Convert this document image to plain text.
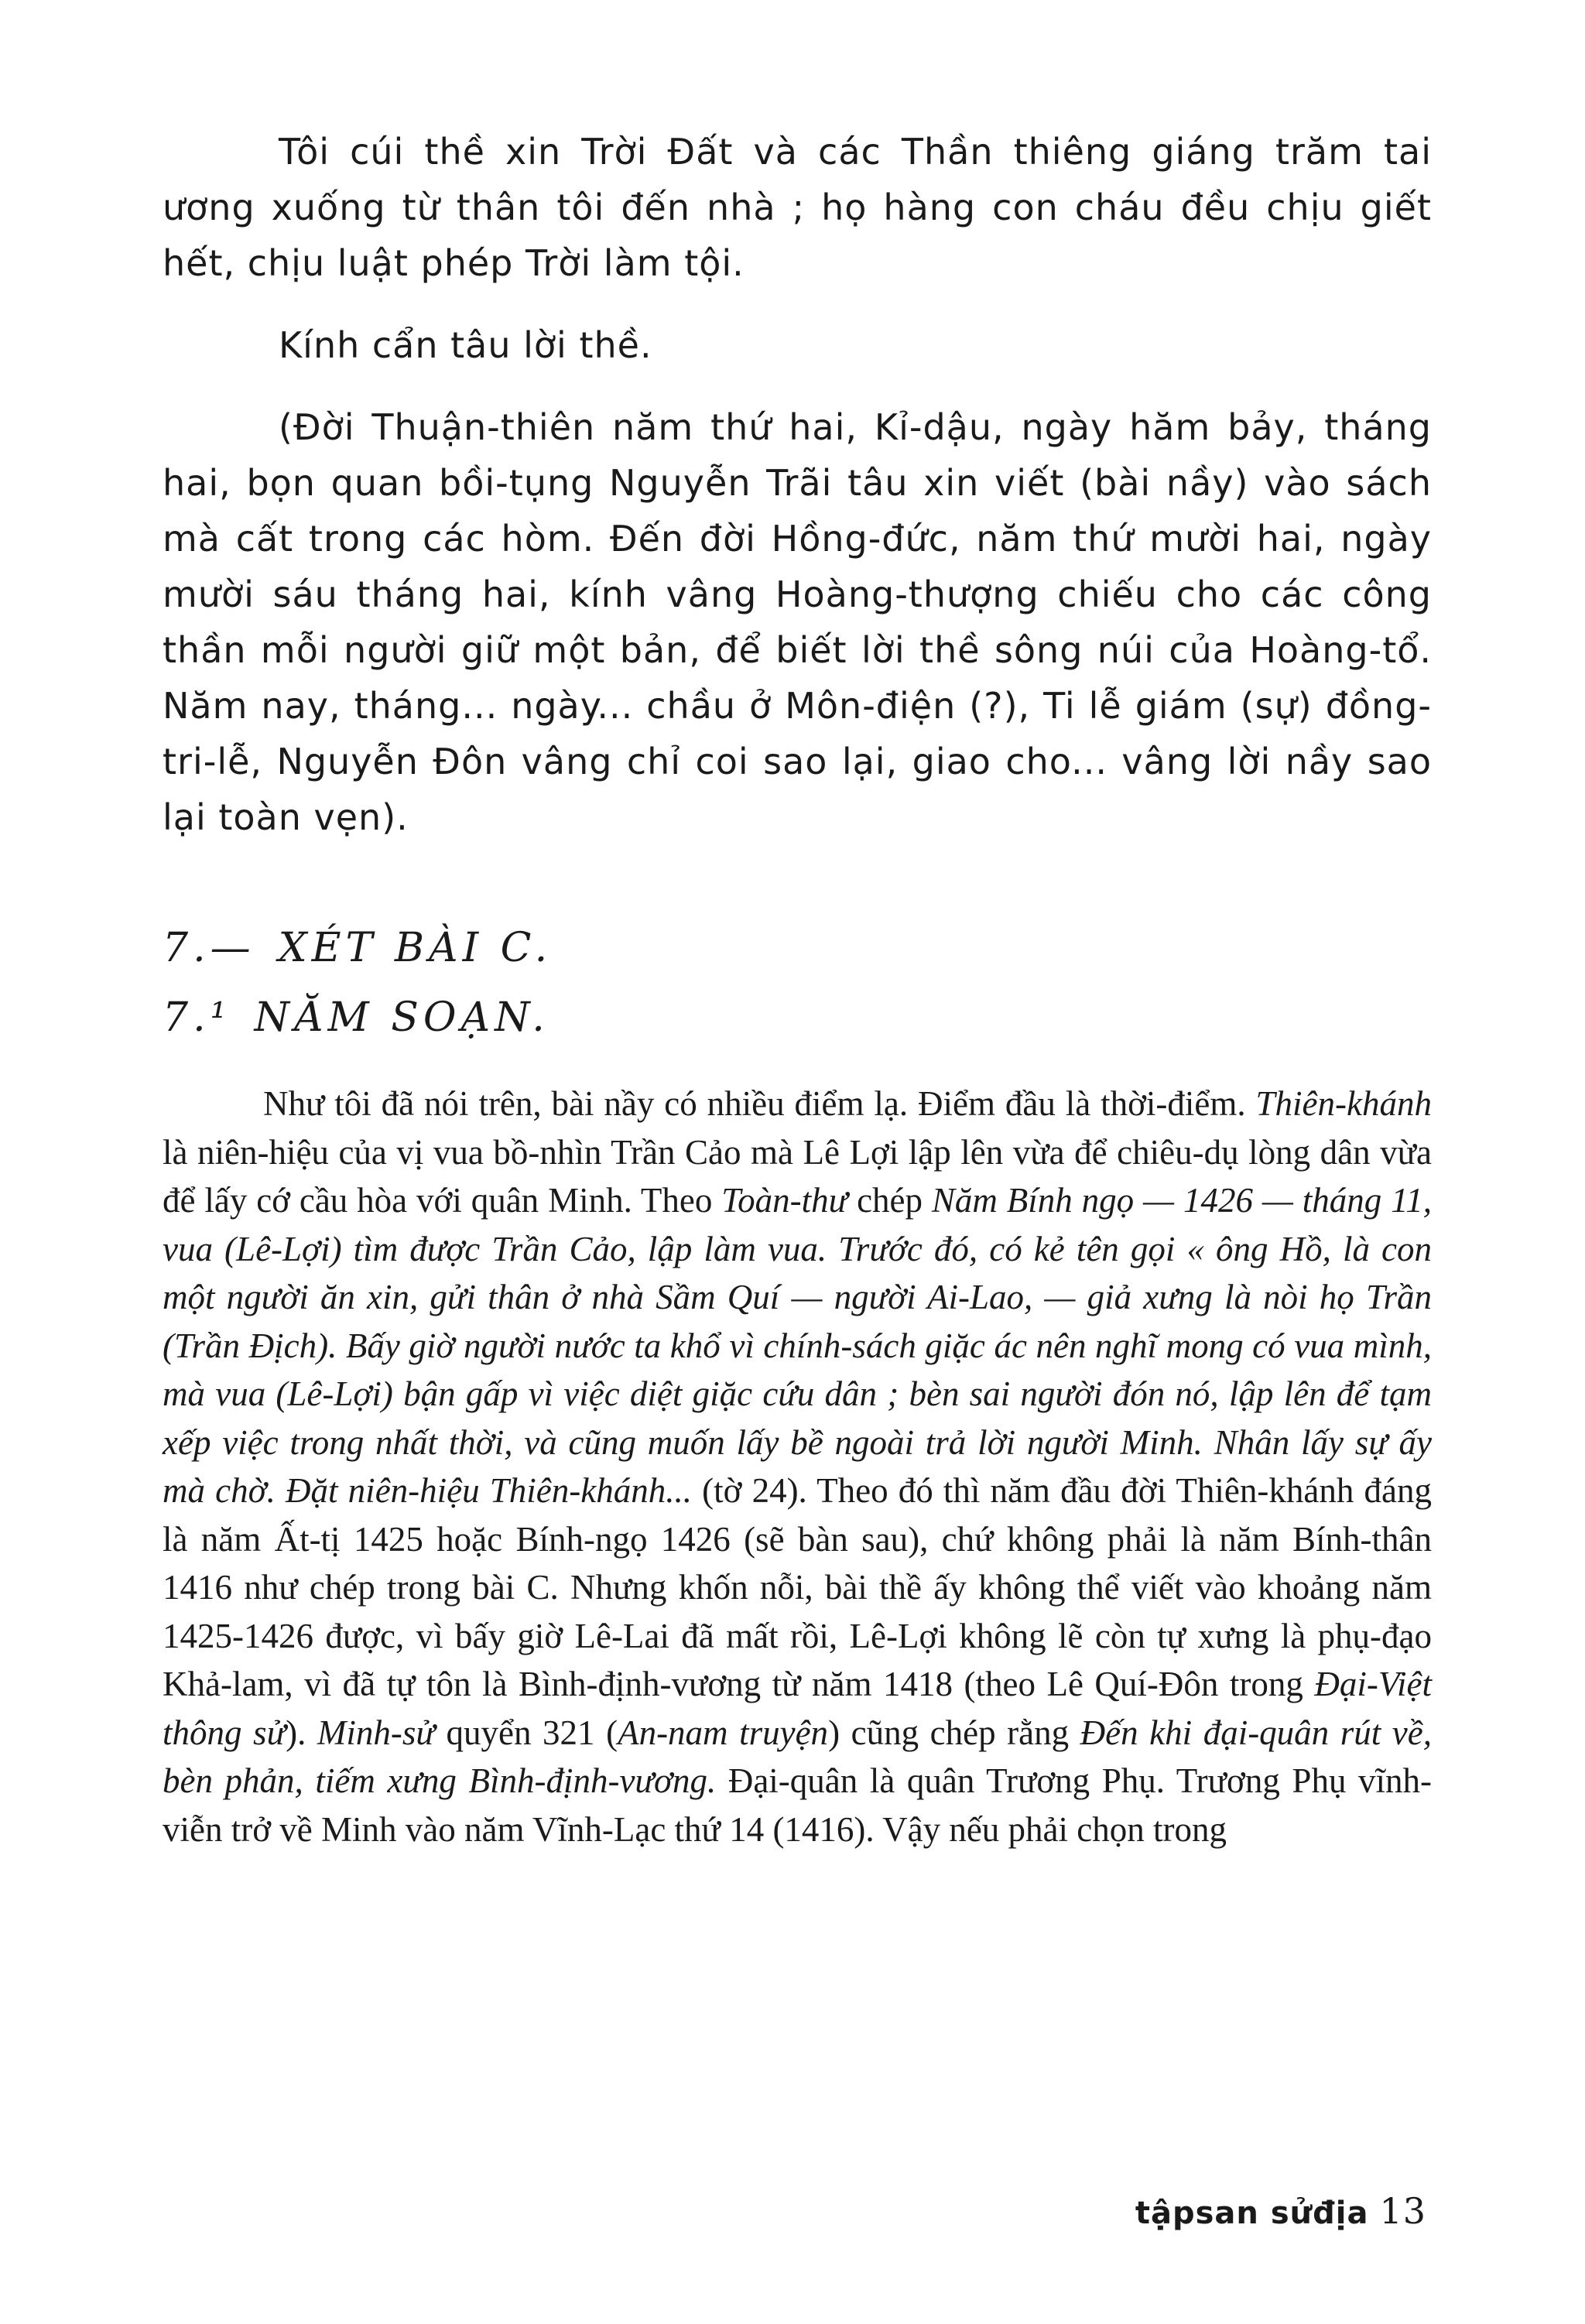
Tôi cúi thề xin Trời Đất và các Thần thiêng giáng trăm tai ương xuống từ thân tôi đến nhà ; họ hàng con cháu đều chịu giết hết, chịu luật phép Trời làm tội.

Kính cẩn tâu lời thề.

(Đời Thuận-thiên năm thứ hai, Kỉ-dậu, ngày hăm bảy, tháng hai, bọn quan bồi-tụng Nguyễn Trãi tâu xin viết (bài nầy) vào sách mà cất trong các hòm. Đến đời Hồng-đức, năm thứ mười hai, ngày mười sáu tháng hai, kính vâng Hoàng-thượng chiếu cho các công thần mỗi người giữ một bản, để biết lời thề sông núi của Hoàng-tổ. Năm nay, tháng... ngày... chầu ở Môn-điện (?), Ti lễ giám (sự) đồng-tri-lễ, Nguyễn Đôn vâng chỉ coi sao lại, giao cho... vâng lời nầy sao lại toàn vẹn).

7.— XÉT BÀI C.
7.¹ NĂM SOẠN.

Như tôi đã nói trên, bài nầy có nhiều điểm lạ. Điểm đầu là thời-điểm. Thiên-khánh là niên-hiệu của vị vua bồ-nhìn Trần Cảo mà Lê Lợi lập lên vừa để chiêu-dụ lòng dân vừa để lấy cớ cầu hòa với quân Minh. Theo Toàn-thư chép Năm Bính ngọ — 1426 — tháng 11, vua (Lê-Lợi) tìm được Trần Cảo, lập làm vua. Trước đó, có kẻ tên gọi « ông Hồ, là con một người ăn xin, gửi thân ở nhà Sầm Quí — người Ai-Lao, — giả xưng là nòi họ Trần (Trần Địch). Bấy giờ người nước ta khổ vì chính-sách giặc ác nên nghĩ mong có vua mình, mà vua (Lê-Lợi) bận gấp vì việc diệt giặc cứu dân ; bèn sai người đón nó, lập lên để tạm xếp việc trong nhất thời, và cũng muốn lấy bề ngoài trả lời người Minh. Nhân lấy sự ấy mà chờ. Đặt niên-hiệu Thiên-khánh... (tờ 24). Theo đó thì năm đầu đời Thiên-khánh đáng là năm Ất-tị 1425 hoặc Bính-ngọ 1426 (sẽ bàn sau), chứ không phải là năm Bính-thân 1416 như chép trong bài C. Nhưng khốn nỗi, bài thề ấy không thể viết vào khoảng năm 1425-1426 được, vì bấy giờ Lê-Lai đã mất rồi, Lê-Lợi không lẽ còn tự xưng là phụ-đạo Khả-lam, vì đã tự tôn là Bình-định-vương từ năm 1418 (theo Lê Quí-Đôn trong Đại-Việt thông sử). Minh-sử quyển 321 (An-nam truyện) cũng chép rằng Đến khi đại-quân rút về, bèn phản, tiếm xưng Bình-định-vương. Đại-quân là quân Trương Phụ. Trương Phụ vĩnh-viễn trở về Minh vào năm Vĩnh-Lạc thứ 14 (1416). Vậy nếu phải chọn trong

tậpsan sửđịa 13
